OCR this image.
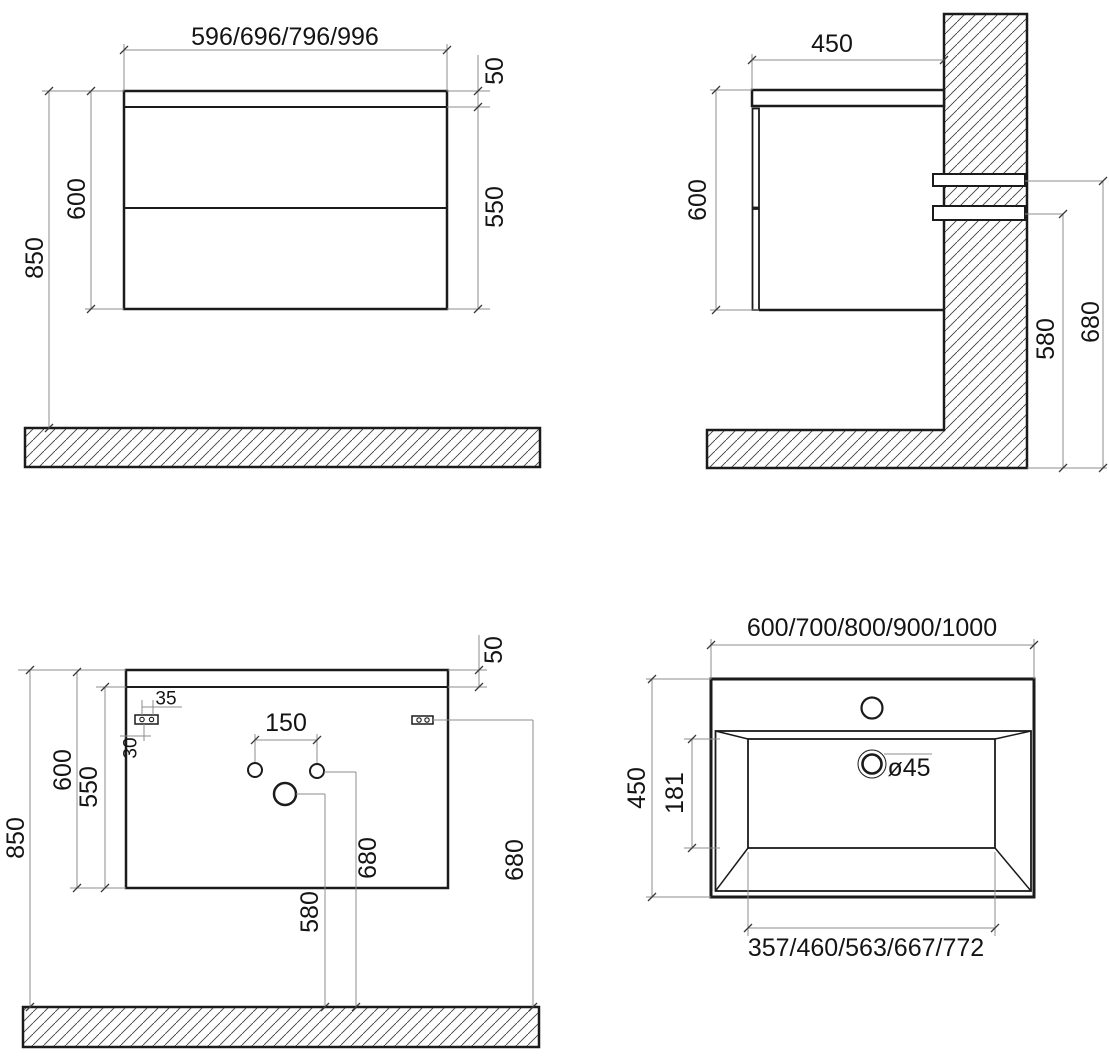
596/696/796/996
50
550
600
850
450
600
580 680
50
35
30
150
600
550
850	680
580
680
600/700/800/900/1000
450 181
ø45
357/460/563/667/772
